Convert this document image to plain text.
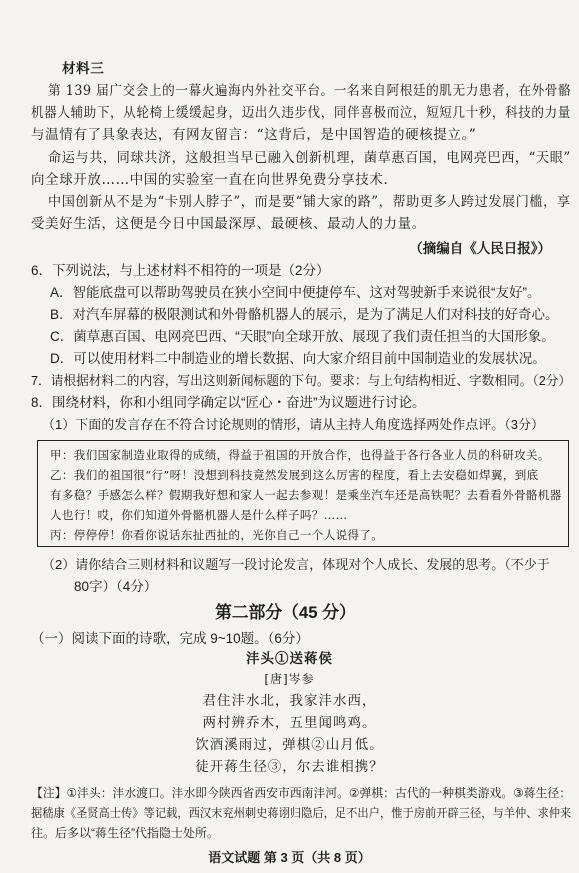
材料三
第 139 届广交会上的一幕火遍海内外社交平台。一名来自阿根廷的肌无力患者，在外骨骼
机器人辅助下，从轮椅上缓缓起身，迈出久违步伐，同伴喜极而泣，短短几十秒，科技的力量
与温情有了具象表达，有网友留言：“这背后，是中国智造的硬核提立。”
命运与共，同球共济，这般担当早已融入创新机理，菌草惠百国，电网亮巴西，“天眼”
向全球开放……中国的实验室一直在向世界免费分享技术.
中国创新从不是为“卡别人脖子”，而是要“铺大家的路”，帮助更多人跨过发展门槛，享
受美好生活，这便是今日中国最深厚、最硬核、最动人的力量。
（摘编自《人民日报》）
6．下列说法，与上述材料不相符的一项是（2分）
A．智能底盘可以帮助驾驶员在狭小空间中便捷停车、这对驾驶新手来说很“友好”。
B．对汽车屏幕的极限测试和外骨骼机器人的展示，是为了满足人们对科技的好奇心。
C．菌草惠百国、电网亮巴西、“天眼”向全球开放、展现了我们责任担当的大国形象。
D．可以使用材料二中制造业的增长数据、向大家介绍目前中国制造业的发展状况。
7．请根据材料二的内容，写出这则新闻标题的下句。要求：与上句结构相近、字数相同。（2分）
8．围绕材料，你和小组同学确定以“匠心・奋进”为议题进行讨论。
（1）下面的发言存在不符合讨论规则的情形，请从主持人角度选择两处作点评。（3分）
甲：我们国家制造业取得的成绩，得益于祖国的开放合作，也得益于各行各业人员的科研攻关。
乙：我们的祖国很“行”呀！没想到科技竟然发展到这么厉害的程度，看上去安稳如焊翼，到底
有多稳？手感怎么样？假期我好想和家人一起去参观！是乘坐汽车还是高铁呢？去看看外骨骼机器
人也行！哎，你们知道外骨骼机器人是什么样子吗？……
丙：停停停！你看你说话东扯西扯的，光你自己一个人说得了。
（2）请你结合三则材料和议题写一段讨论发言，体现对个人成长、发展的思考。（不少于
80字）（4分）
第二部分（45 分）
（一）阅读下面的诗歌，完成 9~10题。（6分）
沣头①送蒋侯
[唐]岑参
君住沣水北，我家沣水西，
两村辨乔木，五里闻鸣鸡。
饮酒溪雨过，弹棋②山月低。
徒开蒋生径③，尔去谁相携？
【注】①沣头：沣水渡口。沣水即今陕西省西安市西南沣河。②弹棋：古代的一种棋类游戏。③蒋生径：
据嵇康《圣贤高士传》等记载，西汉末兖州刺史蒋诩归隐后，足不出户，惟于房前开辟三径，与羊仲、求仲来
往。后多以“蒋生径”代指隐士处所。
语文试题 第 3 页（共 8 页）
